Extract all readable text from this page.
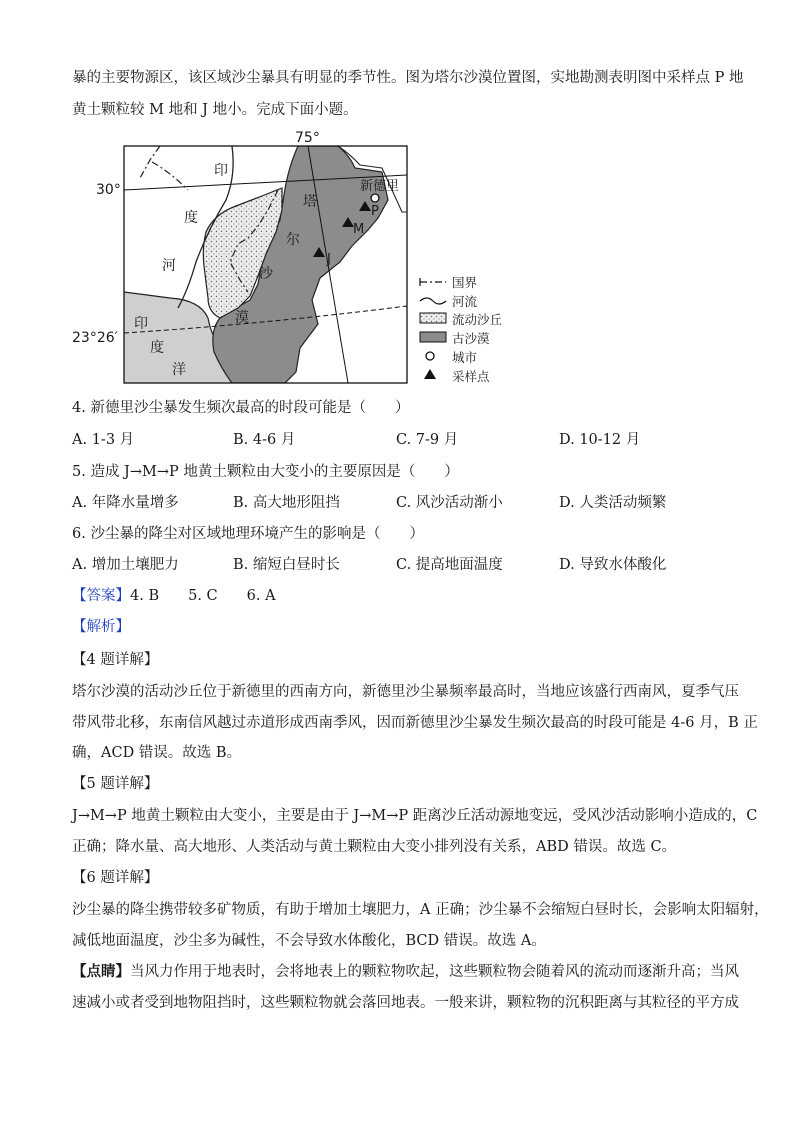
暴的主要物源区，该区域沙尘暴具有明显的季节性。图为塔尔沙漠位置图，实地勘测表明图中采样点 P 地
黄土颗粒较 M 地和 J 地小。完成下面小题。
75°
30°
23°26′
印
度
河
塔
尔
沙
漠
印
度
洋
新德里
P
M
J
国界
河流
流动沙丘
古沙漠
城市
采样点
4. 新德里沙尘暴发生频次最高的时段可能是（　　）
A. 1-3 月	B. 4-6 月	C. 7-9 月	D. 10-12 月
5. 造成 J→M→P 地黄土颗粒由大变小的主要原因是（　　）
A. 年降水量增多	B. 高大地形阻挡	C. 风沙活动渐小	D. 人类活动频繁
6. 沙尘暴的降尘对区域地理环境产生的影响是（　　）
A. 增加土壤肥力	B. 缩短白昼时长	C. 提高地面温度	D. 导致水体酸化
【答案】4. B　　5. C　　6. A
【解析】
【4 题详解】
塔尔沙漠的活动沙丘位于新德里的西南方向，新德里沙尘暴频率最高时，当地应该盛行西南风，夏季气压
带风带北移，东南信风越过赤道形成西南季风，因而新德里沙尘暴发生频次最高的时段可能是 4-6 月，B 正
确，ACD 错误。故选 B。
【5 题详解】
J→M→P 地黄土颗粒由大变小，主要是由于 J→M→P 距离沙丘活动源地变远，受风沙活动影响小造成的，C
正确；降水量、高大地形、人类活动与黄土颗粒由大变小排列没有关系，ABD 错误。故选 C。
【6 题详解】
沙尘暴的降尘携带较多矿物质，有助于增加土壤肥力，A 正确；沙尘暴不会缩短白昼时长，会影响太阳辐射，
减低地面温度，沙尘多为碱性，不会导致水体酸化，BCD 错误。故选 A。
【点睛】当风力作用于地表时，会将地表上的颗粒物吹起，这些颗粒物会随着风的流动而逐渐升高；当风
速减小或者受到地物阻挡时，这些颗粒物就会落回地表。一般来讲，颗粒物的沉积距离与其粒径的平方成
